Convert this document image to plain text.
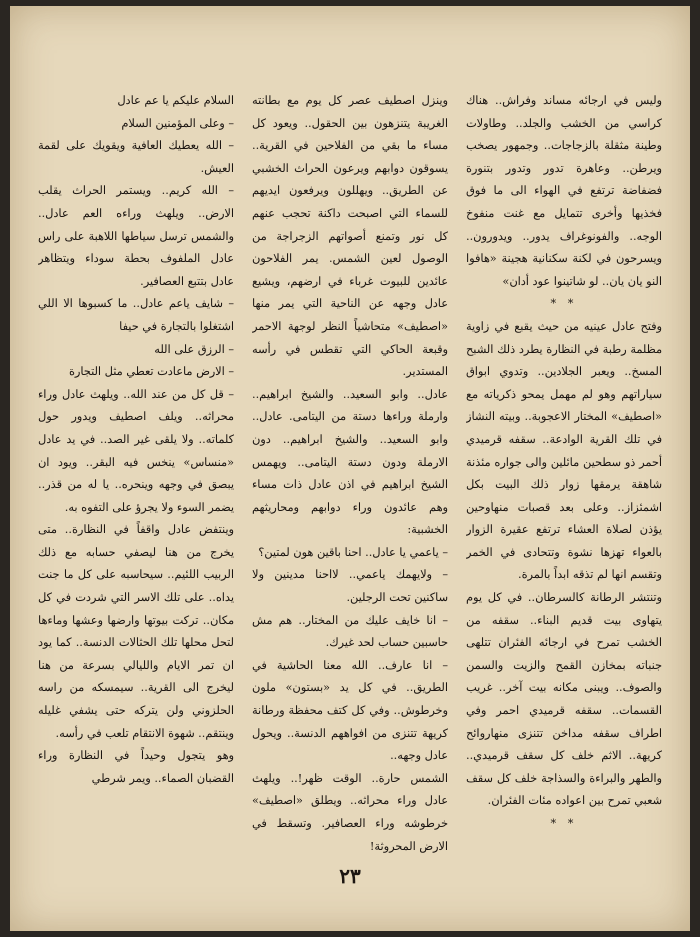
وليس في ارجائه مساند وفراش.. هناك كراسي من الخشب والجلد.. وطاولات وطينة مثقلة بالزجاجات.. وجمهور يصخب ويرطن.. وعاهرة تدور وتدور بتنورة فضفاضة ترتفع في الهواء الى ما فوق فخذيها وأخرى تتمايل مع غنت منفوخ الوجه.. والفونوغراف يدور.. ويدورون.. ويسرحون في لكنة سكنانية هجينة «هافوا النو يان يان.. لو شاتينوا عود أدان»

* *

وفتح عادل عينيه من حيث يقبع في زاوية مظلمة رطبة في النظارة يطرد ذلك الشبح المسخ.. ويعبر الجلادين.. وتدوي ابواق سياراتهم وهو لم مهمل يمحو ذكرياته مع «اصطيف» المختار الاعجوبة.. وبيته النشاز في تلك القرية الوادعة.. سقفه قرميدي أحمر ذو سطحين مائلين والى جواره مئذنة شاهقة يرمقها زوار ذلك البيت بكل اشمئزاز.. وعلى بعد قصبات منهاوحين يؤذن لصلاة العشاء ترتفع عقيرة الزوار بالعواء تهزها نشوة وتتحادى في الخمر وتقسم انها لم تذقه ابداً بالمرة.

وتنتشر الرطانة كالسرطان.. في كل يوم يتهاوى بيت قديم البناء.. سقفه من الخشب تمرح في ارجائه الفئران تتلهى جنباته بمخازن القمح والزيت والسمن والصوف.. ويبنى مكانه بيت آخر.. غريب القسمات.. سقفه قرميدي احمر وفي اطراف سقفه مداخن تتنزى منهاروائح كريهة.. الاثم خلف كل سقف قرميدي.. والطهر والبراءة والسذاجة خلف كل سقف شعبي تمرح بين اعواده مئات الفئران.

* *

وينزل اصطيف عصر كل يوم مع بطانته الغريبة يتنزهون بين الحقول.. ويعود كل مساء ما بقي من الفلاحين في القرية.. يسوقون دوابهم ويرعون الحراث الخشبي عن الطريق.. ويهللون ويرفعون ايديهم للسماء التي اصبحت داكنة تحجب عنهم كل نور وتمنع أصواتهم الزجراجة من الوصول لعين الشمس. يمر الفلاحون عائدين للبيوت غرباء في ارضهم، ويشيع عادل وجهه عن الناحية التي يمر منها «اصطيف» متحاشياً النظر لوجهة الاحمر وقبعة الحاكي التي تقطس في رأسه المستدير.

عادل.. وابو السعيد.. والشيخ ابراهيم.. وارملة وراءها دستة من اليتامى. عادل.. وابو السعيد.. والشيخ ابراهيم.. دون الارملة ودون دستة اليتامى.. ويهمس الشيخ ابراهيم في اذن عادل ذات مساء وهم عائدون وراء دوابهم ومحاريثهم الخشبية:

– ياعمي يا عادل.. احنا باقين هون لمتين؟

– ولايهمك ياعمي.. لااحنا مدينين ولا ساكنين تحت الرجلين.

– انا خايف عليك من المختار.. هم مش حاسبين حساب لحد غيرك.

– انا عارف.. الله معنا الحاشية في الطريق.. في كل يد «بستون» ملون وخرطوش.. وفي كل كتف محفظة ورطانة كريهة تتنزى من افواههم الدنسة.. ويحول عادل وجهه..

الشمس حارة.. الوقت ظهر!.. ويلهث عادل وراء محراثه.. ويطلق «اصطيف» خرطوشه وراء العصافير. وتسقط في الارض المحروثة!

السلام عليكم يا عم عادل

– وعلى المؤمنين السلام

– الله يعطيك العافية ويقويك على لقمة العيش.

– الله كريم.. ويستمر الحراث يقلب الارض.. ويلهث وراءه العم عادل.. والشمس ترسل سياطها اللاهبة على راس عادل الملفوف بحطة سوداء ويتظاهر عادل بتتبع العصافير.

– شايف ياعم عادل.. ما كسبوها الا اللي اشتغلوا بالتجارة في حيفا

– الرزق على الله

– الارض ماعادت تعطي مثل التجارة

– قل كل من عند الله.. ويلهث عادل وراء محراثه.. ويلف اصطيف ويدور حول كلماته.. ولا يلقى غير الصد.. في يد عادل «منساس» ينخس فيه البقر.. ويود ان يبصق في وجهه وينحره.. يا له من قذر.. يضمر السوء ولا يجرؤ على التفوه به.

وينتفض عادل واقفاً في النظارة.. متى يخرج من هنا ليصفي حسابه مع ذلك الربيب اللئيم.. سيحاسبه على كل ما جنت يداه.. على تلك الاسر التي شردت في كل مكان.. تركت بيوتها وارضها وعشها وماءها لتحل محلها تلك الحثالات الدنسة.. كما يود ان تمر الايام والليالي بسرعة من هنا ليخرج الى القرية.. سيمسكه من راسه الحلزوني ولن يتركه حتى يشفي غليله وينتقم.. شهوة الانتقام تلعب في رأسه.

وهو يتجول وحيداً في النظارة وراء القضبان الصماء.. ويمر شرطي

٢٣
